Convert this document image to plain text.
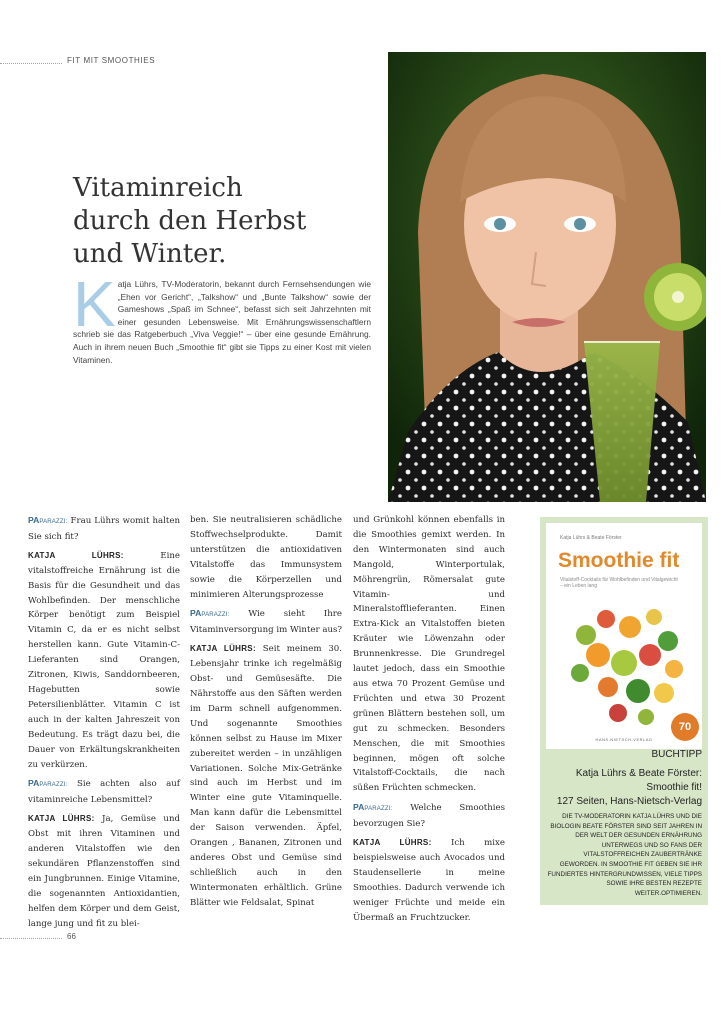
FIT MIT SMOOTHIES
Vitaminreich
durch den Herbst
und Winter.
K atja Lührs, TV-Moderatorin, bekannt durch Fernsehsendungen wie „Ehen vor Gericht“, „Talkshow“ und „Bunte Talkshow“ sowie der Gameshows „Spaß im Schnee“, befasst sich seit Jahrzehnten mit einer gesunden Lebensweise. Mit Ernährungswissenschaftlern schrieb sie das Ratgeberbuch „Viva Veggie!“ – über eine gesunde Ernährung. Auch in ihrem neuen Buch „Smoothie fit“ gibt sie Tipps zu einer Kost mit vielen Vitaminen.

PAPARAZZI: Frau Lührs womit halten Sie sich fit?

KATJA LÜHRS: Eine vitalstoffreiche Ernährung ist die Basis für die Gesundheit und das Wohlbefinden. Der menschliche Körper benötigt zum Beispiel Vitamin C, da er es nicht selbst herstellen kann. Gute Vitamin-C-Lieferanten sind Orangen, Zitronen, Kiwis, Sanddornbeeren, Hagebutten sowie Petersilienblätter. Vitamin C ist auch in der kalten Jahreszeit von Bedeutung. Es trägt dazu bei, die Dauer von Erkältungskrankheiten zu verkürzen.

PAPARAZZI: Sie achten also auf vitaminreiche Lebensmittel?

KATJA LÜHRS: Ja, Gemüse und Obst mit ihren Vitaminen und anderen Vitalstoffen wie den sekundären Pflanzenstoffen sind ein Jungbrunnen. Einige Vitamine, die sogenannten Antioxidantien, helfen dem Körper und dem Geist, lange jung und fit zu blei-

ben. Sie neutralisieren schädliche Stoffwechselprodukte. Damit unterstützen die antioxidativen Vitalstoffe das Immunsystem sowie die Körperzellen und minimieren Alterungsprozesse

PAPARAZZI: Wie sieht Ihre Vitaminversorgung im Winter aus?

KATJA LÜHRS: Seit meinem 30. Lebensjahr trinke ich regelmäßig Obst- und Gemüsesäfte. Die Nährstoffe aus den Säften werden im Darm schnell aufgenommen. Und sogenannte Smoothies können selbst zu Hause im Mixer zubereitet werden – in unzähligen Variationen. Solche Mix-Getränke sind auch im Herbst und im Winter eine gute Vitaminquelle. Man kann dafür die Lebensmittel der Saison verwenden. Äpfel, Orangen , Bananen, Zitronen und anderes Obst und Gemüse sind schließlich auch in den Wintermonaten erhältlich. Grüne Blätter wie Feldsalat, Spinat

und Grünkohl können ebenfalls in die Smoothies gemixt werden. In den Wintermonaten sind auch Mangold, Winterportulak, Möhrengrün, Römersalat gute Vitamin- und Mineralstofflieferanten. Einen Extra-Kick an Vitalstoffen bieten Kräuter wie Löwenzahn oder Brunnenkresse. Die Grundregel lautet jedoch, dass ein Smoothie aus etwa 70 Prozent Gemüse und Früchten und etwa 30 Prozent grünen Blättern bestehen soll, um gut zu schmecken. Besonders Menschen, die mit Smoothies beginnen, mögen oft solche Vitalstoff-Cocktails, die nach süßen Früchten schmecken.

PAPARAZZI: Welche Smoothies bevorzugen Sie?

KATJA LÜHRS: Ich mixe beispielsweise auch Avocados und Staudensellerie in meine Smoothies. Dadurch verwende ich weniger Früchte und meide ein Übermaß an Fruchtzucker.

Katja Lührs & Beate Förster
Smoothie fit
Vitalstoff-Cocktails für Wohlbefinden und Vitalgewicht – ein Leben lang
70
HANS-NIETSCH-VERLAG
BUCHTIPP
Katja Lührs & Beate Förster:
Smoothie fit!
127 Seiten, Hans-Nietsch-Verlag
DIE TV-MODERATORIN KATJA LÜHRS UND DIE BIOLOGIN BEATE FÖRSTER SIND SEIT JAHREN IN DER WELT DER GESUNDEN ERNÄHRUNG UNTERWEGS UND SO FANS DER VITALSTOFFREICHEN ZAUBERTRÄNKE GEWORDEN. IN SMOOTHIE FIT GEBEN SIE IHR FUNDIERTES HINTERGRUNDWISSEN, VIELE TIPPS SOWIE IHRE BESTEN REZEPTE WEITER.OPTIMIEREN.
66
